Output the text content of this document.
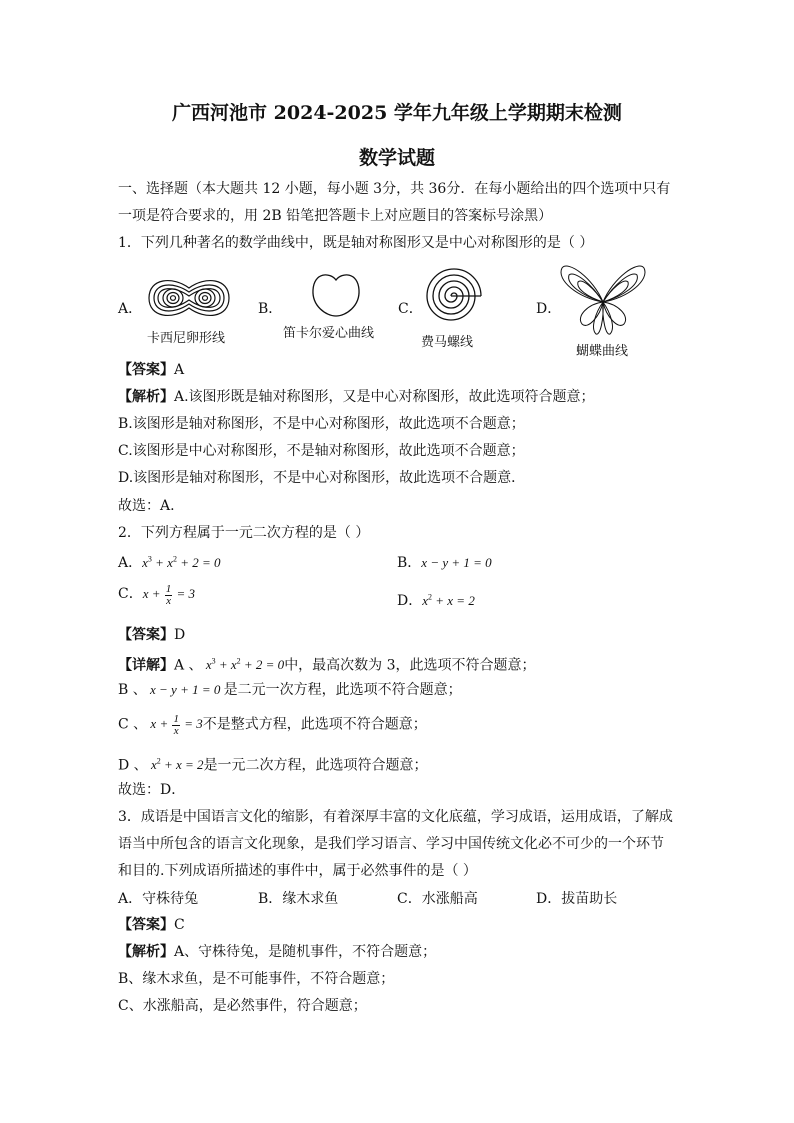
广西河池市 2024-2025 学年九年级上学期期末检测
数学试题
一、选择题（本大题共 12 小题，每小题 3分，共 36分．在每小题给出的四个选项中只有
一项是符合要求的，用 2B 铅笔把答题卡上对应题目的答案标号涂黑）
1．下列几种著名的数学曲线中，既是轴对称图形又是中心对称图形的是（ ）
A．
卡西尼卵形线
B．
笛卡尔爱心曲线
C．
费马螺线
D．
蝴蝶曲线
【答案】A
【解析】A.该图形既是轴对称图形，又是中心对称图形，故此选项符合题意；
B.该图形是轴对称图形，不是中心对称图形，故此选项不合题意；
C.该图形是中心对称图形，不是轴对称图形，故此选项不合题意；
D.该图形是轴对称图形，不是中心对称图形，故此选项不合题意．
故选：A.
2．下列方程属于一元二次方程的是（ ）
A．$x^3 + x^2 + 2 = 0$	B．x − y + 1 = 0
C．$x + \frac{1}{x} = 3$	D．$x^2 + x = 2$
【答案】D
【详解】A 、 $x^3 + x^2 + 2 = 0$中，最高次数为 3，此选项不符合题意；
B 、 x − y + 1 = 0 是二元一次方程，此选项不符合题意；
C 、 $x + \frac{1}{x} = 3$不是整式方程，此选项不符合题意；
D 、 $x^2 + x = 2$是一元二次方程，此选项符合题意；
故选：D．
3．成语是中国语言文化的缩影，有着深厚丰富的文化底蕴，学习成语，运用成语，了解成
语当中所包含的语言文化现象，是我们学习语言、学习中国传统文化必不可少的一个环节
和目的.下列成语所描述的事件中，属于必然事件的是（ ）
A．守株待兔	B．缘木求鱼	C．水涨船高	D．拔苗助长
【答案】C
【解析】A、守株待兔，是随机事件，不符合题意；
B、缘木求鱼，是不可能事件，不符合题意；
C、水涨船高，是必然事件，符合题意；
